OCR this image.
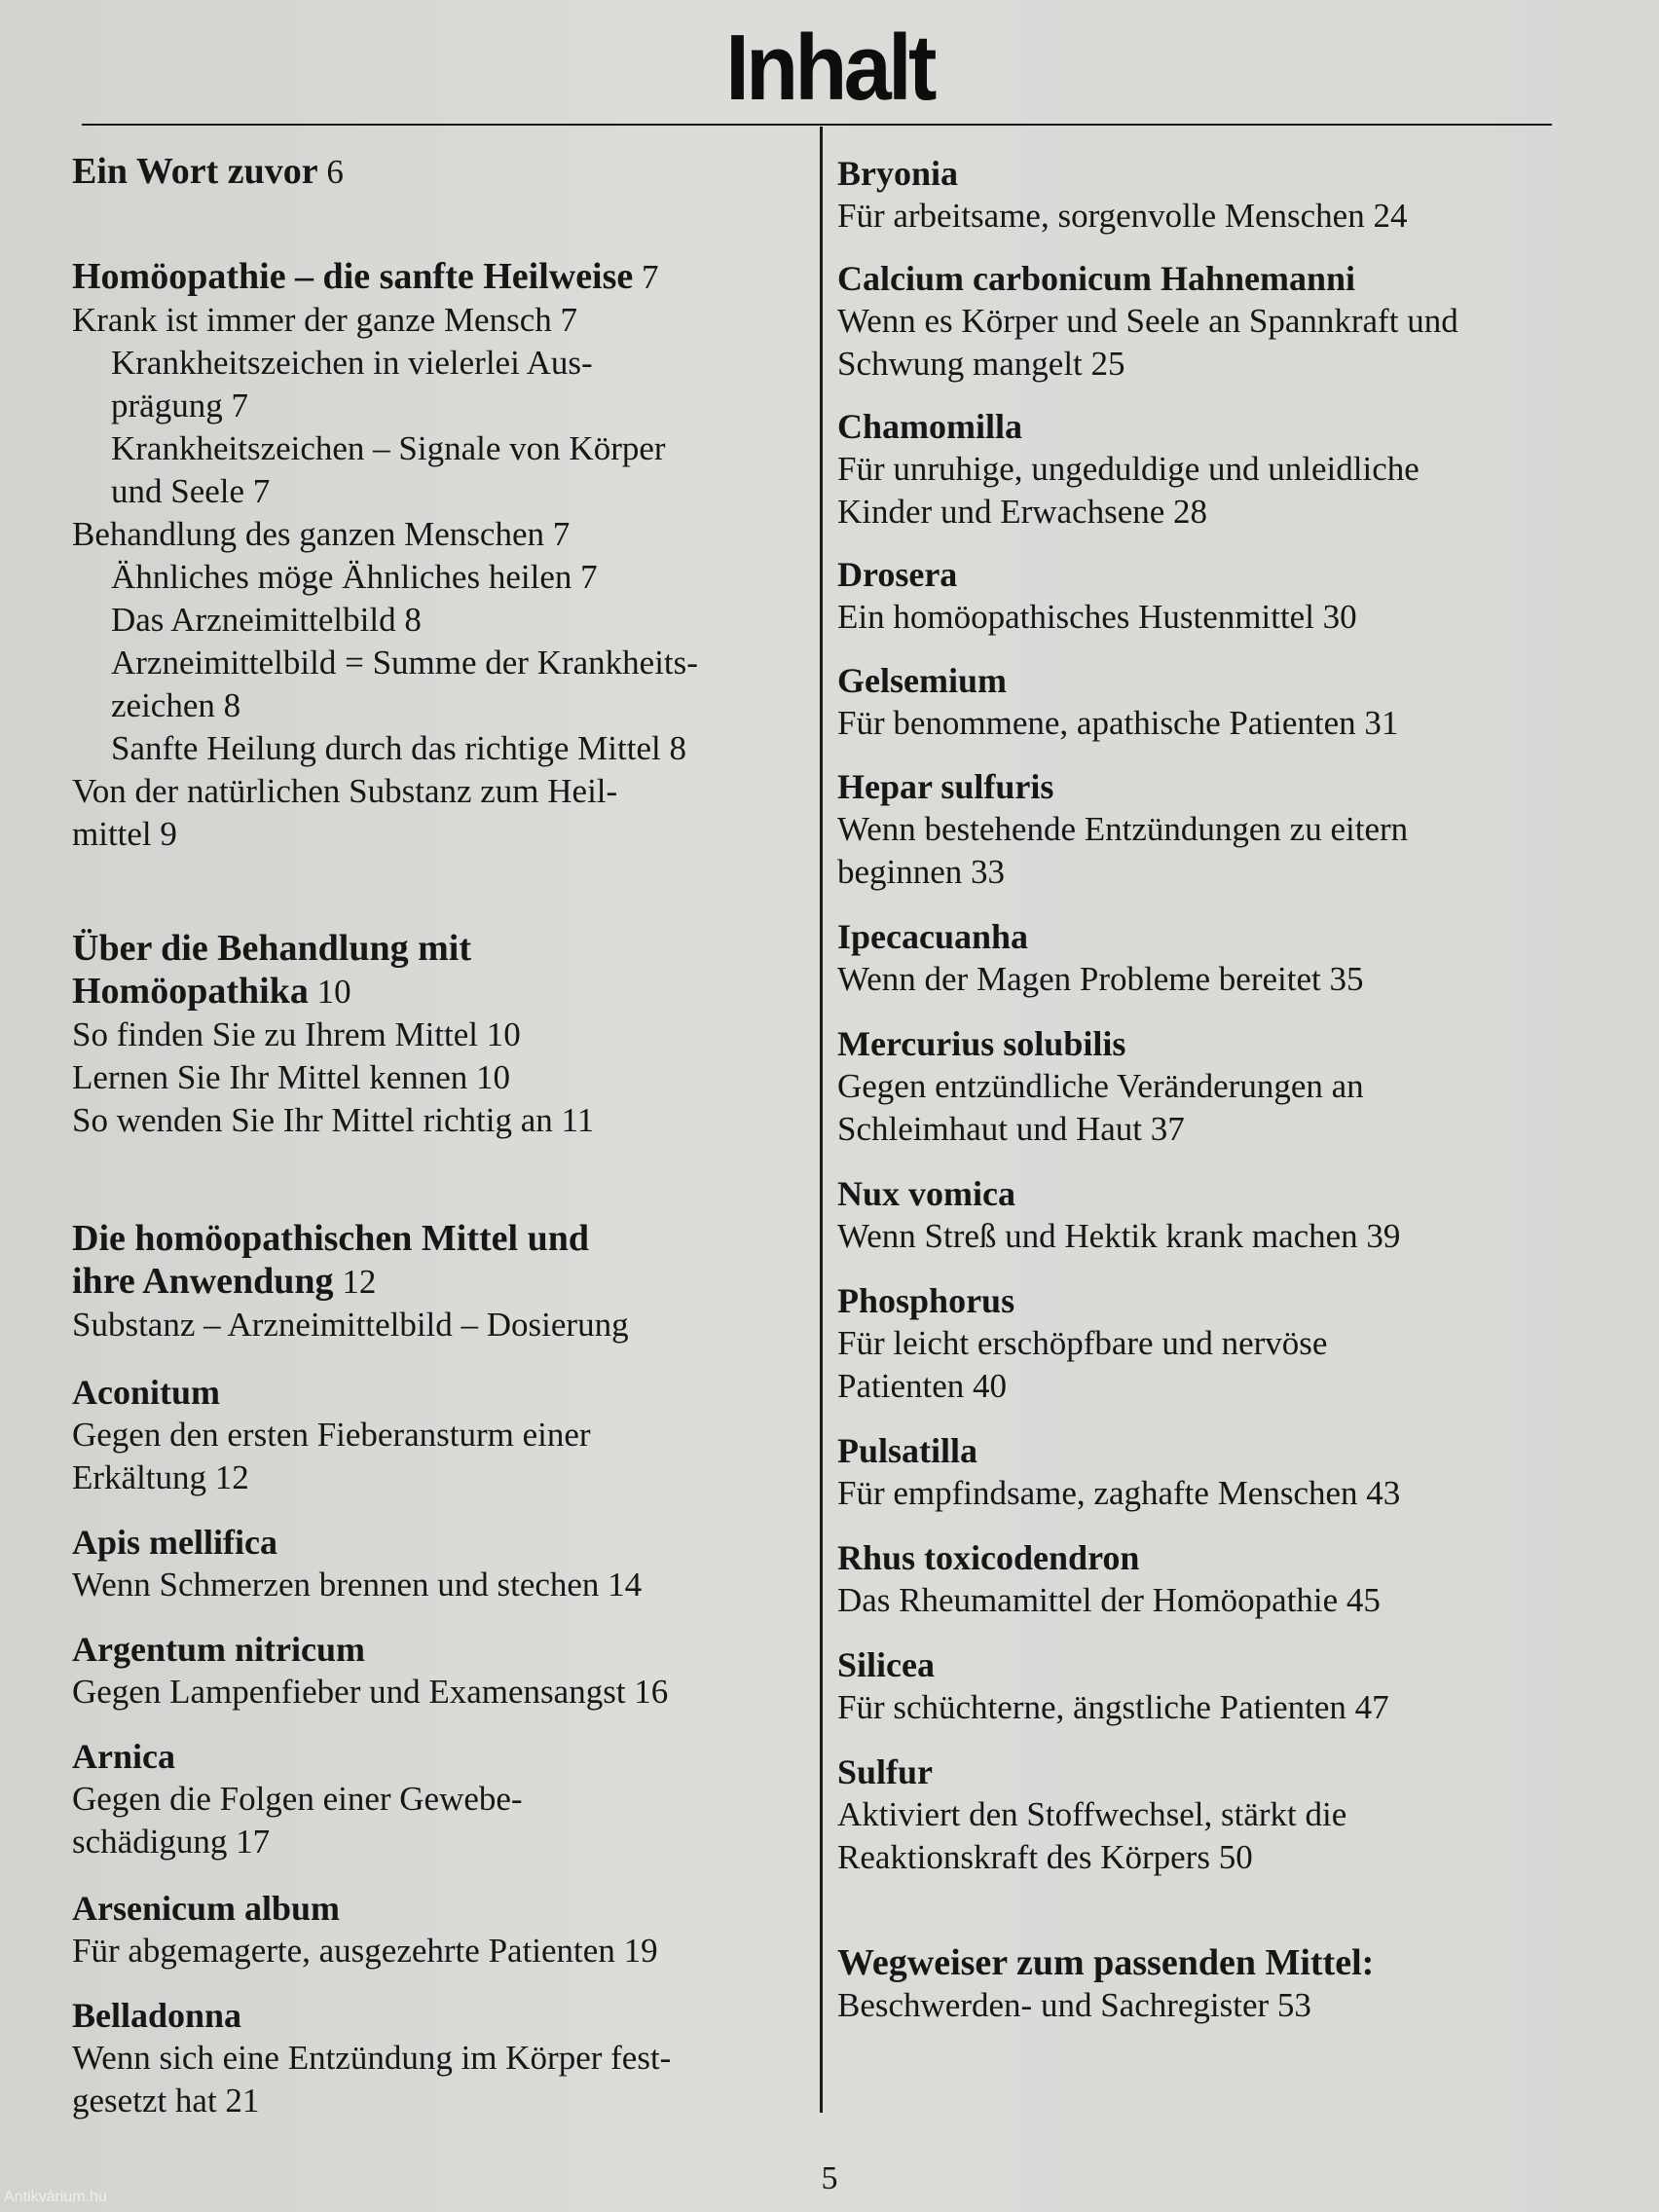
Inhalt
Ein Wort zuvor 6
Homöopathie – die sanfte Heilweise 7
Krank ist immer der ganze Mensch 7
Krankheitszeichen in vielerlei Aus-
prägung 7
Krankheitszeichen – Signale von Körper
und Seele 7
Behandlung des ganzen Menschen 7
Ähnliches möge Ähnliches heilen 7
Das Arzneimittelbild 8
Arzneimittelbild = Summe der Krankheits-
zeichen 8
Sanfte Heilung durch das richtige Mittel 8
Von der natürlichen Substanz zum Heil-
mittel 9
Über die Behandlung mit
Homöopathika 10
So finden Sie zu Ihrem Mittel 10
Lernen Sie Ihr Mittel kennen 10
So wenden Sie Ihr Mittel richtig an 11
Die homöopathischen Mittel und
ihre Anwendung 12
Substanz – Arzneimittelbild – Dosierung
Aconitum
Gegen den ersten Fieberansturm einer
Erkältung 12
Apis mellifica
Wenn Schmerzen brennen und stechen 14
Argentum nitricum
Gegen Lampenfieber und Examensangst 16
Arnica
Gegen die Folgen einer Gewebe-
schädigung 17
Arsenicum album
Für abgemagerte, ausgezehrte Patienten 19
Belladonna
Wenn sich eine Entzündung im Körper fest-
gesetzt hat 21
Bryonia
Für arbeitsame, sorgenvolle Menschen 24
Calcium carbonicum Hahnemanni
Wenn es Körper und Seele an Spannkraft und
Schwung mangelt 25
Chamomilla
Für unruhige, ungeduldige und unleidliche
Kinder und Erwachsene 28
Drosera
Ein homöopathisches Hustenmittel 30
Gelsemium
Für benommene, apathische Patienten 31
Hepar sulfuris
Wenn bestehende Entzündungen zu eitern
beginnen 33
Ipecacuanha
Wenn der Magen Probleme bereitet 35
Mercurius solubilis
Gegen entzündliche Veränderungen an
Schleimhaut und Haut 37
Nux vomica
Wenn Streß und Hektik krank machen 39
Phosphorus
Für leicht erschöpfbare und nervöse
Patienten 40
Pulsatilla
Für empfindsame, zaghafte Menschen 43
Rhus toxicodendron
Das Rheumamittel der Homöopathie 45
Silicea
Für schüchterne, ängstliche Patienten 47
Sulfur
Aktiviert den Stoffwechsel, stärkt die
Reaktionskraft des Körpers 50
Wegweiser zum passenden Mittel:
Beschwerden- und Sachregister 53
5
Antikvárium.hu
